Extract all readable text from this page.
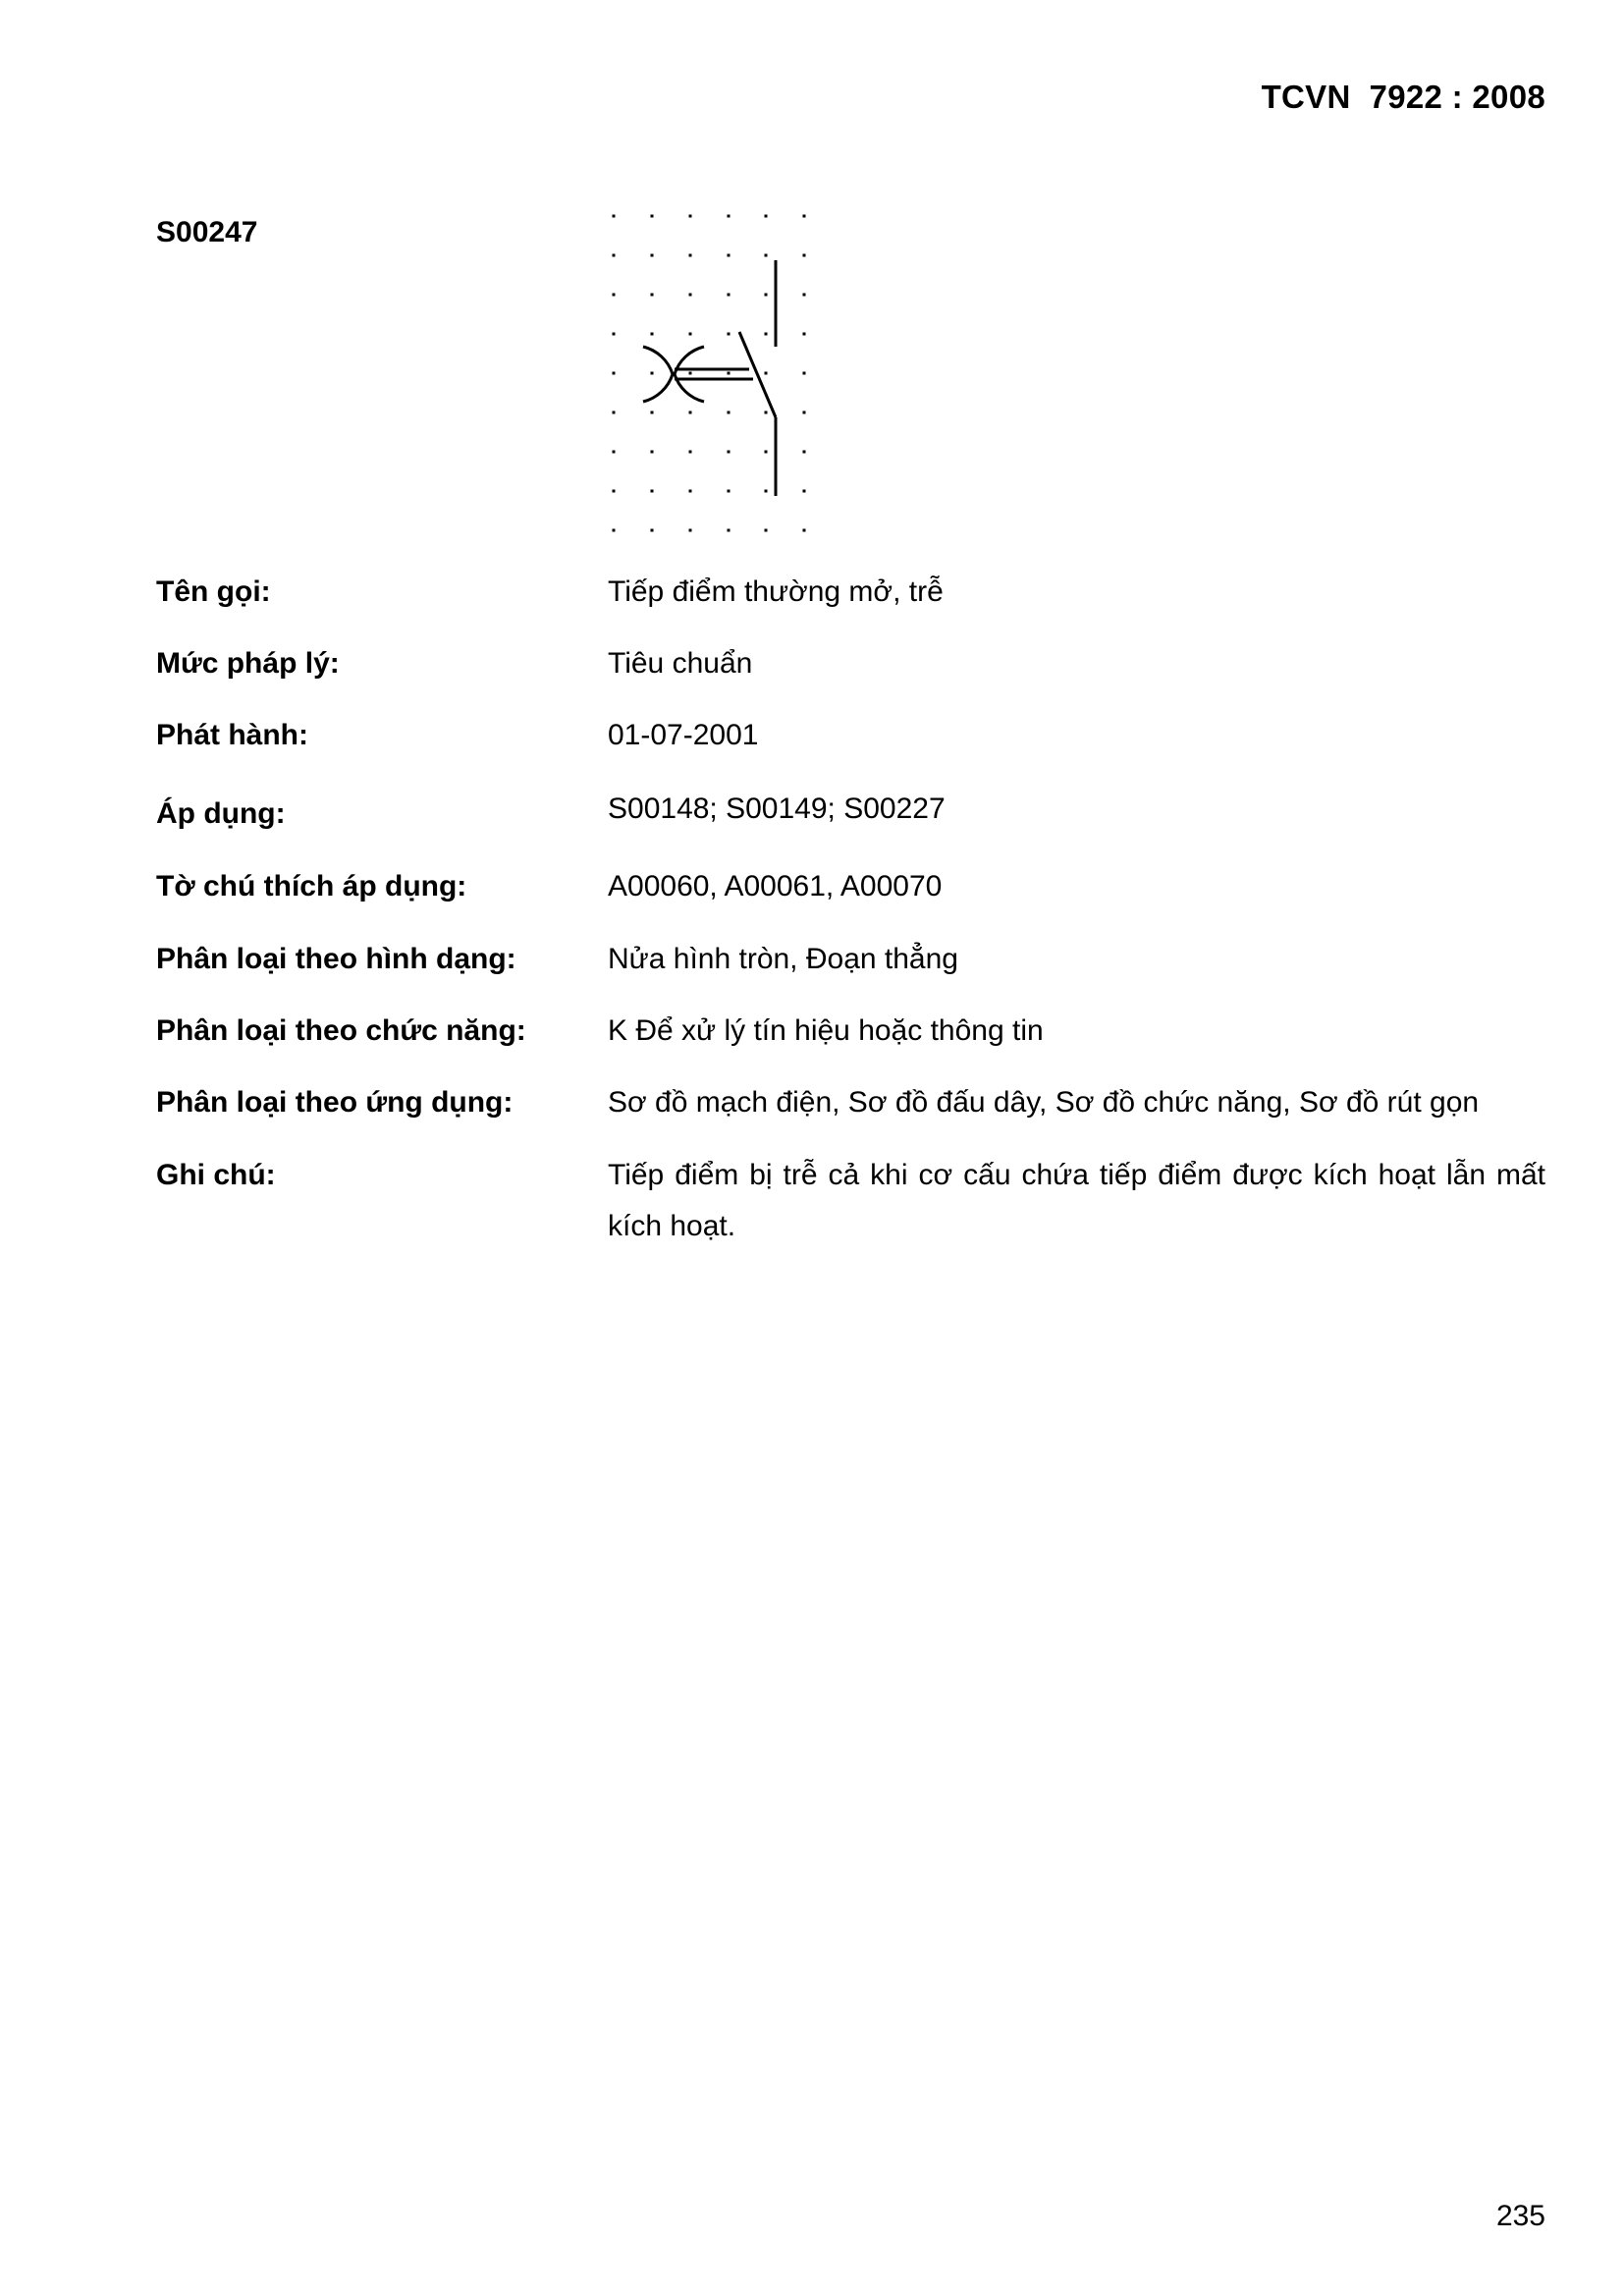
TCVN  7922 : 2008
S00247
Tên gọi:	Tiếp điểm thường mở, trễ
Mức pháp lý:	Tiêu chuẩn
Phát hành:	01-07-2001
Áp dụng:	S00148; S00149; S00227
Tờ chú thích áp dụng:	A00060, A00061, A00070
Phân loại theo hình dạng:	Nửa hình tròn, Đoạn thẳng
Phân loại theo chức năng:	K Để xử lý tín hiệu hoặc thông tin
Phân loại theo ứng dụng:	Sơ đồ mạch điện, Sơ đồ đấu dây, Sơ đồ chức năng, Sơ đồ rút gọn
Ghi chú:	Tiếp điểm bị trễ cả khi cơ cấu chứa tiếp điểm được kích hoạt lẫn mất kích hoạt.
235
